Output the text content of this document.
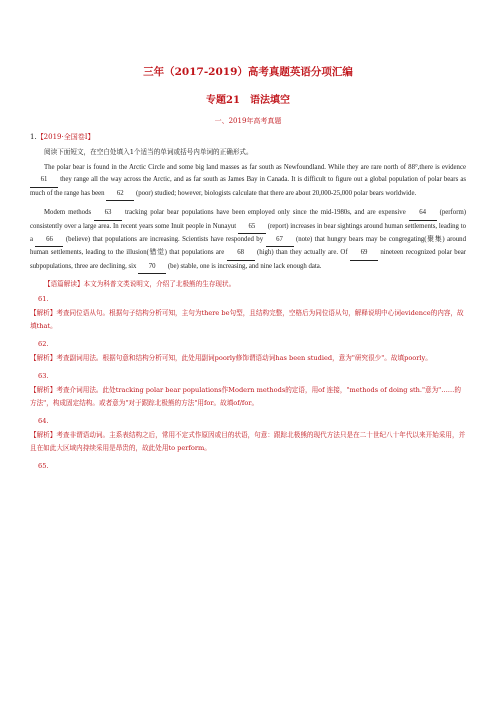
三年（2017-2019）高考真题英语分项汇编

专题21 语法填空

一、2019年高考真题

1.【2019·全国卷Ⅰ】

阅读下面短文，在空白处填入1个适当的单词或括号内单词的正确形式。

The polar bear is found in the Arctic Circle and some big land masses as far south as Newfoundland. While they are rare north of 88°,there is evidence 61 they range all the way across the Arctic, and as far south as James Bay in Canada. It is difficult to figure out a global population of polar bears as much of the range has been 62 (poor) studied; however, biologists calculate that there are about 20,000-25,000 polar bears worldwide.

Modem methods 63 tracking polar bear populations have been employed only since the mid-1980s, and are expensive 64 (perform) consistently over a large area. In recent years some Inuit people in Nunayut 65 (report) increases in bear sightings around human settlements, leading to a 66 (believe) that populations are increasing. Scientists have responded by 67 (note) that hungry bears may be congregating(聚集) around human settlements, leading to the illusion(错觉) that populations are 68 (high) than they actually are. Of 69 nineteen recognized polar bear subpopulations, three are declining, six 70 (be) stable, one is increasing, and nine lack enough data.

【语篇解读】本文为科普文类说明文，介绍了北极熊的生存现状。

61.

【解析】考查同位语从句。根据句子结构分析可知，主句为there be句型，且结构完整，空格后为同位语从句，解释说明中心词evidence的内容，故填that。

62.

【解析】考查副词用法。根据句意和结构分析可知，此处用副词poorly修饰谓语动词has been studied，意为"研究很少"。故填poorly。

63.

【解析】考查介词用法。此处tracking polar bear populations作Modern methods的定语，用of 连接，"methods of doing sth."意为"……的方法"，构成固定结构。或者意为"对于跟踪北极熊的方法"用for。故填of/for。

64.

【解析】考查非谓语动词。主系表结构之后，常用不定式作原因或目的状语，句意：跟踪北极熊的现代方法只是在二十世纪八十年代以来开始采用，并且在如此大区域内持续采用是昂贵的，故此处用to perform。

65.
